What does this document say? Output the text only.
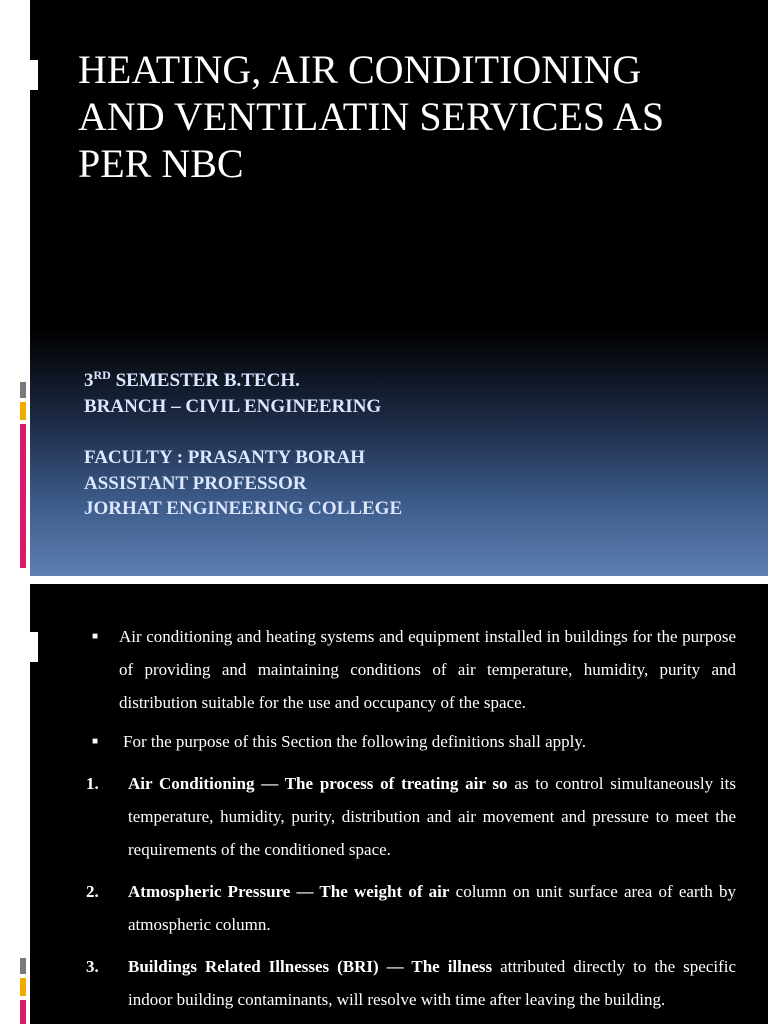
HEATING, AIR CONDITIONING AND VENTILATIN SERVICES AS PER NBC
3RD SEMESTER B.TECH.
BRANCH – CIVIL ENGINEERING
FACULTY : PRASANTY BORAH
ASSISTANT PROFESSOR
JORHAT ENGINEERING COLLEGE
■ Air conditioning and heating systems and equipment installed in buildings for the purpose of providing and maintaining conditions of air temperature, humidity, purity and distribution suitable for the use and occupancy of the space.
■ For the purpose of this Section the following definitions shall apply.
1. Air Conditioning — The process of treating air so as to control simultaneously its temperature, humidity, purity, distribution and air movement and pressure to meet the requirements of the conditioned space.
2. Atmospheric Pressure — The weight of air column on unit surface area of earth by atmospheric column.
3. Buildings Related Illnesses (BRI) — The illness attributed directly to the specific indoor building contaminants, will resolve with time after leaving the building.
